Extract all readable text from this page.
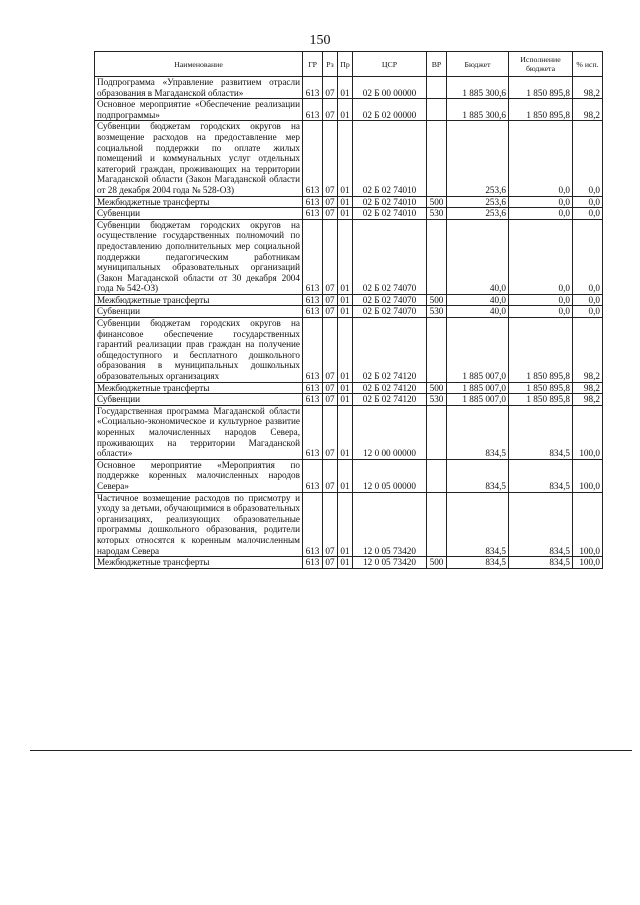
150
Наименование	ГР	Рз	Пр	ЦСР	ВР	Бюджет	Исполнение бюджета	% исп.
Подпрограмма «Управление развитием отрасли образования в Магаданской области»	613	07	01	02 Б 00 00000		1 885 300,6	1 850 895,8	98,2
Основное мероприятие «Обеспечение реализации подпрограммы»	613	07	01	02 Б 02 00000		1 885 300,6	1 850 895,8	98,2
Субвенции бюджетам городских округов на возмещение расходов на предоставление мер социальной поддержки по оплате жилых помещений и коммунальных услуг отдельных категорий граждан, проживающих на территории Магаданской области (Закон Магаданской области от 28 декабря 2004 года № 528-ОЗ)	613	07	01	02 Б 02 74010		253,6	0,0	0,0
Межбюджетные трансферты	613	07	01	02 Б 02 74010	500	253,6	0,0	0,0
Субвенции	613	07	01	02 Б 02 74010	530	253,6	0,0	0,0
Субвенции бюджетам городских округов на осуществление государственных полномочий по предоставлению дополнительных мер социальной поддержки педагогическим работникам муниципальных образовательных организаций (Закон Магаданской области от 30 декабря 2004 года № 542-ОЗ)	613	07	01	02 Б 02 74070		40,0	0,0	0,0
Межбюджетные трансферты	613	07	01	02 Б 02 74070	500	40,0	0,0	0,0
Субвенции	613	07	01	02 Б 02 74070	530	40,0	0,0	0,0
Субвенции бюджетам городских округов на финансовое обеспечение государственных гарантий реализации прав граждан на получение общедоступного и бесплатного дошкольного образования в муниципальных дошкольных образовательных организациях	613	07	01	02 Б 02 74120		1 885 007,0	1 850 895,8	98,2
Межбюджетные трансферты	613	07	01	02 Б 02 74120	500	1 885 007,0	1 850 895,8	98,2
Субвенции	613	07	01	02 Б 02 74120	530	1 885 007,0	1 850 895,8	98,2
Государственная программа Магаданской области «Социально-экономическое и культурное развитие коренных малочисленных народов Севера, проживающих на территории Магаданской области»	613	07	01	12 0 00 00000		834,5	834,5	100,0
Основное мероприятие «Мероприятия по поддержке коренных малочисленных народов Севера»	613	07	01	12 0 05 00000		834,5	834,5	100,0
Частичное возмещение расходов по присмотру и уходу за детьми, обучающимися в образовательных организациях, реализующих образовательные программы дошкольного образования, родители которых относятся к коренным малочисленным народам Севера	613	07	01	12 0 05 73420		834,5	834,5	100,0
Межбюджетные трансферты	613	07	01	12 0 05 73420	500	834,5	834,5	100,0
